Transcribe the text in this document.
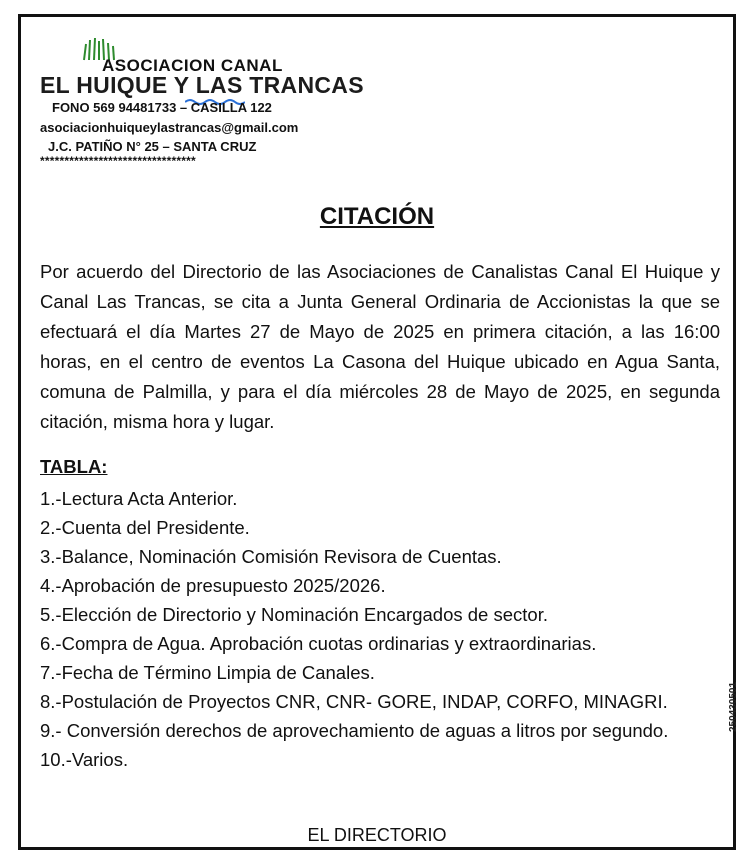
ASOCIACION CANAL
EL HUIQUE Y LAS TRANCAS
FONO 569 94481733 – CASILLA 122
asociacionhuiqueylastrancas@gmail.com
J.C. PATIÑO N° 25 – SANTA CRUZ
********************************
CITACIÓN
Por acuerdo del Directorio de las Asociaciones de Canalistas Canal El Huique y Canal Las Trancas, se cita a Junta General Ordinaria de Accionistas la que se efectuará el día Martes 27 de Mayo de 2025 en primera citación, a las 16:00 horas, en el centro de eventos La Casona del Huique ubicado en Agua Santa, comuna de Palmilla, y para el día miércoles 28 de Mayo de 2025, en segunda citación, misma hora y lugar.
TABLA:
1.-Lectura Acta Anterior.
2.-Cuenta del Presidente.
3.-Balance, Nominación Comisión Revisora de Cuentas.
4.-Aprobación de presupuesto 2025/2026.
5.-Elección de Directorio y Nominación Encargados de sector.
6.-Compra de Agua. Aprobación cuotas ordinarias y extraordinarias.
7.-Fecha de Término Limpia de Canales.
8.-Postulación de Proyectos CNR, CNR- GORE, INDAP, CORFO, MINAGRI.
9.- Conversión derechos de aprovechamiento de aguas a litros por segundo.
10.-Varios.
EL DIRECTORIO
250430501
